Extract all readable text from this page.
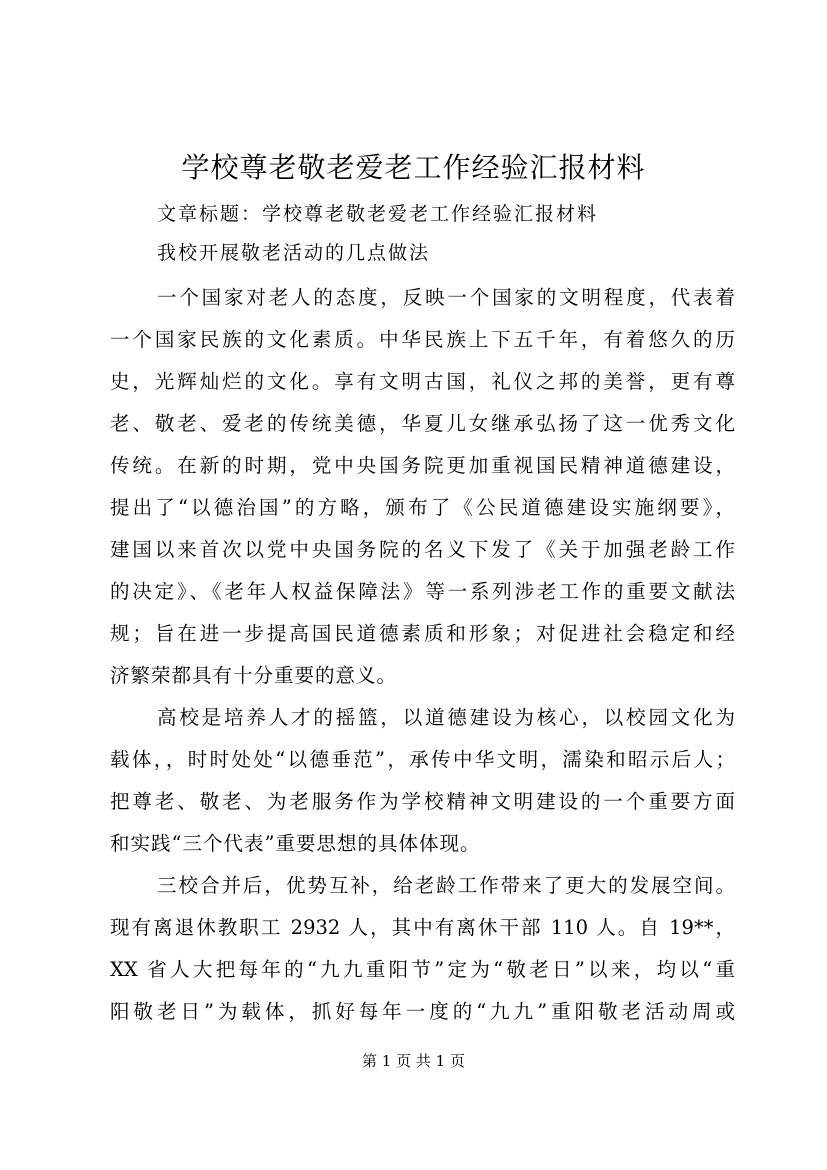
学校尊老敬老爱老工作经验汇报材料
文章标题：学校尊老敬老爱老工作经验汇报材料
我校开展敬老活动的几点做法
一个国家对老人的态度，反映一个国家的文明程度，代表着
一个国家民族的文化素质。中华民族上下五千年，有着悠久的历
史，光辉灿烂的文化。享有文明古国，礼仪之邦的美誉，更有尊
老、敬老、爱老的传统美德，华夏儿女继承弘扬了这一优秀文化
传统。在新的时期，党中央国务院更加重视国民精神道德建设，
提出了“以德治国”的方略，颁布了《公民道德建设实施纲要》，
建国以来首次以党中央国务院的名义下发了《关于加强老龄工作
的决定》、《老年人权益保障法》等一系列涉老工作的重要文献法
规；旨在进一步提高国民道德素质和形象；对促进社会稳定和经
济繁荣都具有十分重要的意义。
高校是培养人才的摇篮，以道德建设为核心，以校园文化为
载体，，时时处处“以德垂范”，承传中华文明，濡染和昭示后人；
把尊老、敬老、为老服务作为学校精神文明建设的一个重要方面
和实践“三个代表”重要思想的具体体现。
三校合并后，优势互补，给老龄工作带来了更大的发展空间。
现有离退休教职工 2932 人，其中有离休干部 110 人。自 19**，
XX 省人大把每年的“九九重阳节”定为“敬老日”以来，均以“重
阳敬老日”为载体，抓好每年一度的“九九”重阳敬老活动周或
第 1 页 共 1 页
